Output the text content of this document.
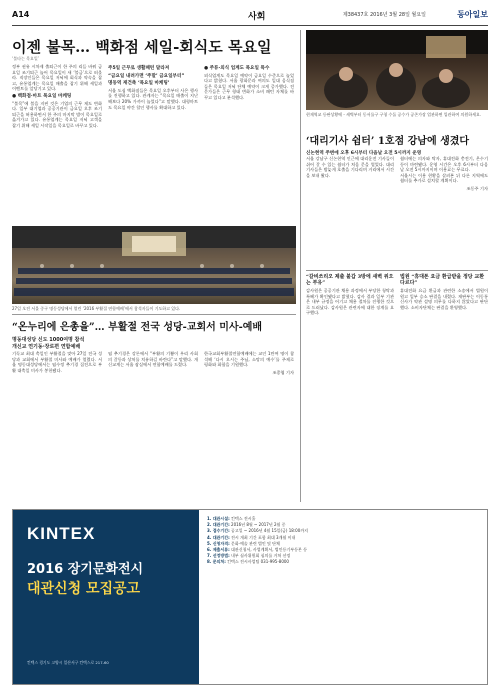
A14	사회	제38437호 2016년 3월 28일 월요일	동아일보
이젠 불목… 백화점 세일-회식도 목요일
‘불타는 목요일’
정부 권유 시차제 출퇴근이 한 주의 리듬 바꿔 금요일 조기퇴근 늘어 목요일이 새 ‘불금’으로 떠올라. 직장인들은 목요일 저녁에 회식과 약속을 잡고, 유통업계는 목요일 매출을 잡기 위해 세일과 이벤트를 앞당기고 있다.
● 백화점·마트 목요일 마케팅
“불목”에 불을 지핀 것은 기업의 근무 제도 변화다. 일부 대기업과 공공기관이 금요일 오후 조기 퇴근을 허용하면서 한 주의 마지막 밤이 목요일로 옮겨가고 있다. 유통업계는 목요일 저녁 고객을 잡기 위해 세일 시작일을 목요일로 바꾸고 있다.
주5일 근무로 생활패턴 달라져
“금요일 내려가면 ‘주말’ 금요일부터”
명동역 재건축 ‘목요일 마케팅’
서울 도심 백화점들은 목요일 오후부터 사은 행사를 진행하고 있다. 관계자는 “목요일 매출이 지난해보다 20% 가까이 늘었다”고 말했다. 대형마트도 목요일 야간 할인 행사를 확대하고 있다.
● 주류·외식 업계도 목요일 특수
외식업계도 목요일 예약이 금요일 수준으로 늘었다고 밝혔다. 서울 광화문과 여의도 일대 음식점들은 목요일 저녁 단체 예약이 크게 증가했다. 전문가들은 근무 형태 변화가 소비 패턴 자체를 바꾸고 있다고 분석했다.
27일 오전 서울 중구 명동성당에서 열린 ‘2016 부활절 연합예배’에서 참석자들이 기도하고 있다.
“온누리에 은총을”… 부활절 전국 성당-교회서 미사-예배
명동대성당 신도 1000여명 참석
개신교 연기동·장로편 연합예배
기독교 최대 축일인 부활절을 맞아 27일 전국 성당과 교회에서 부활절 미사와 예배가 열렸다. 서울 명동대성당에서는 염수정 추기경 집전으로 부활 대축일 미사가 봉헌됐다.
염 추기경은 강론에서 “부활의 기쁨이 우리 사회의 갈등과 상처를 치유하길 바란다”고 말했다. 개신교계는 서울 잠실에서 연합예배를 드렸다.
한국교회부활절연합예배에는 교인 1만여 명이 참석해 ‘다시 오시는 주님, 소망의 예수’를 주제로 평화와 화합을 기원했다.
조종엽 기자
현재역교 등판상황에 - 새벽부터 동서를구 구청 수돌 공수가 공존가장 업관하면 입관하여 의원하세요.
‘대리기사 쉼터’ 1호점 강남에 생겼다
신논현역 주변에 오후 6시부터 다음날 오전 5시까지 운영
서울 강남구 신논현역 인근에 대리운전 기사들이 쉬어 갈 수 있는 쉼터가 처음 문을 열었다. 대리기사들은 밤늦게 호출을 기다리며 거리에서 시간을 보내 왔다.
쉼터에는 의자와 탁자, 휴대전화 충전기, 온수기 등이 마련됐다. 운영 시간은 오후 6시부터 다음날 오전 5시까지이며 이용료는 무료다.
서울시는 이용 현황을 살펴본 뒤 다른 지역에도 쉼터를 추가로 설치할 계획이다.
조동주 기자
“갈비쓰리오 제출 불갑 3방에 새벽 위오는 부유”
감사원은 공공기관 채용 과정에서 부당한 청탁과 특혜가 확인됐다고 밝혔다. 감사 결과 일부 기관은 내부 규정을 어기고 채용 절차를 진행한 것으로 드러났다. 감사원은 관련자에 대한 징계를 요구했다.
법원 “휴대폰 요금 환급받을 정당 교환 다르다”
휴대전화 요금 환급과 관련한 소송에서 법원이 원고 일부 승소 판결을 내렸다. 재판부는 이동통신사가 약관 설명 의무를 다하지 않았다고 판단했다. 소비자단체는 판결을 환영했다.
KINTEX
2016 장기문화전시
대관신청 모집공고
킨텍스 경기도 고양시 일산서구 킨텍스로 217-60
1. 대관시설: 킨텍스 전시홀
2. 대관기간: 2016년 8월 ~ 2017년 2월 중
3. 접수기간: 공고일 ~ 2016년 4월 15일(금) 18:00까지
4. 대관기간: 전시 개최 기간 포함 최대 3개월 이내
5. 신청자격: 문화·예술 관련 법인 및 단체
6. 제출서류: 대관신청서, 사업계획서, 법인등기부등본 등
7. 선정방법: 내부 심사위원회 심의를 거쳐 선정
8. 문의처: 킨텍스 전시사업팀 031-995-8000
